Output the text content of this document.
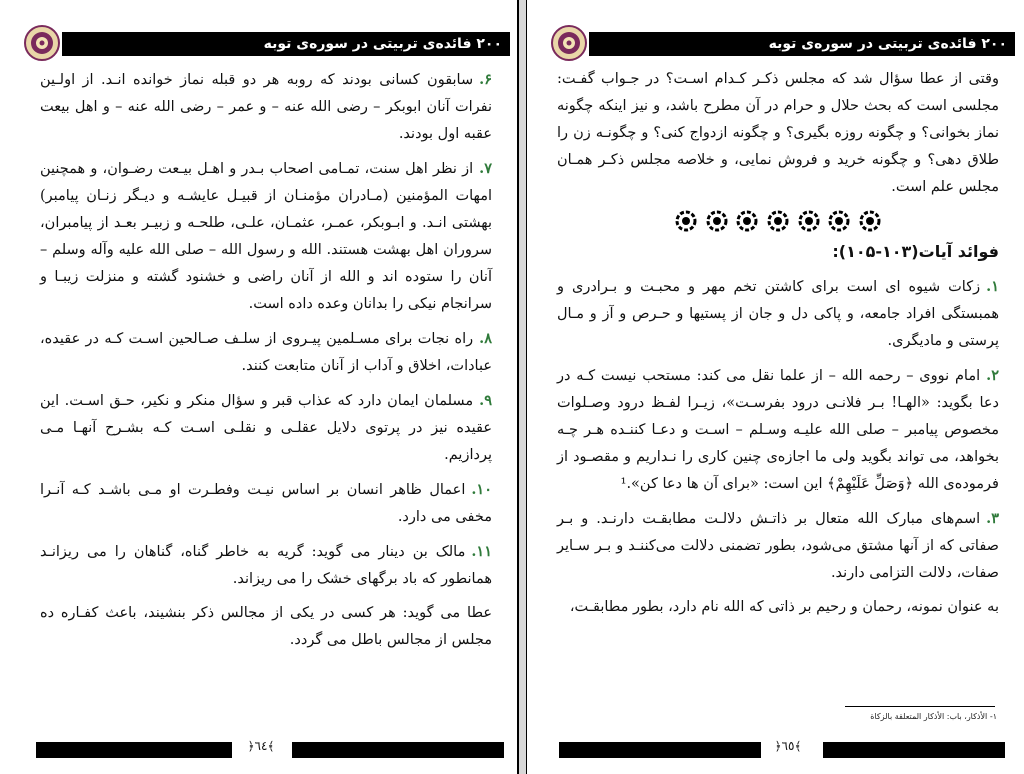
۲۰۰ فائده‌ی تربیتی در سوره‌ی توبه

۶.سابقون کسانی بودند که روبه هر دو قبله نماز خوانده انـد. از اولـین نفرات آنان ابوبکر – رضی الله عنه – و عمر – رضی الله عنه – و اهل بیعت عقبه اول بودند.

۷.از نظر اهل سنت، تمـامی اصحاب بـدر و اهـل بیـعت رضـوان، و همچنین امهات المؤمنین (مـادران مؤمنـان از قبیـل عایشـه و دیـگر زنـان پیامبر) بهشتی انـد. و ابـوبکر، عمـر، عثمـان، علـی، طلحـه و زبیـر بعـد از پیامبران، سروران اهل بهشت هستند. الله و رسول الله – صلی الله علیه وآله وسلم – آنان را ستوده اند و الله از آنان راضی و خشنود گشته و منزلت زیبـا و سرانجام نیکی را بدانان وعده داده است.

۸.راه نجات برای مسـلمین پیـروی از سلـف صـالحین اسـت کـه در عقیده، عبادات، اخلاق و آداب از آنان متابعت کنند.

۹.مسلمان ایمان دارد که عذاب قبر و سؤال منکر و نکیر، حـق اسـت. این عقیده نیز در پرتوی دلایل عقلـی و نقلـی اسـت کـه بشـرح آنهـا مـی پردازیم.

۱۰.اعمال ظاهر انسان بر اساس نیـت وفطـرت او مـی باشـد کـه آنـرا مخفی می دارد.

۱۱.مالک بن دینار می گوید: گریه به خاطر گناه، گناهان را می ریزانـد همانطور که باد برگهای خشک را می ریزاند.

عطا می گوید: هر کسی در یکی از مجالس ذکر بنشیند، باعث کفـاره ده مجلس از مجالس باطل می گردد.

﴿٦٤﴾
۲۰۰ فائده‌ی تربیتی در سوره‌ی توبه

وقتی از عطا سؤال شد که مجلس ذکـر کـدام اسـت؟ در جـواب گفـت: مجلسی است که بحث حلال و حرام در آن مطرح باشد، و نیز اینکه چگونه نماز بخوانی؟ و چگونه روزه بگیری؟ و چگونه ازدواج کنی؟ و چگونـه زن را طلاق دهی؟ و چگونه خرید و فروش نمایی، و خلاصه مجلس ذکـر همـان مجلس علم است.

فوائد آیات(۱۰۳-۱۰۵):

۱.زکات شیوه ای است برای کاشتن تخم مهر و محبـت و بـرادری و همبستگی افراد جامعه، و پاکی دل و جان از پستیها و حـرص و آز و مـال پرستی و مادیگری.

۲.امام نووی – رحمه الله – از علما نقل می کند: مستحب نیست کـه در دعا بگوید: «الهـا! بـر فلانـی درود بفرسـت»، زیـرا لفـظ درود وصـلوات مخصوص پیامبر – صلی الله علیـه وسـلم – اسـت و دعـا کننـده هـر چـه بخواهد، می تواند بگوید ولی ما اجازه‌ی چنین کاری را نـداریم و مقصـود از فرموده‌ی الله ﴿وَصَلِّ عَلَيْهِمْ﴾ این است: «برای آن ها دعا کن».¹

۳.اسم‌های مبارک الله متعال بر ذاتـش دلالـت مطابقـت دارنـد. و بـر صفاتی که از آنها مشتق می‌شود، بطور تضمنی دلالت می‌کننـد و بـر سـایر صفات، دلالت التزامی دارند.

به عنوان نمونه، رحمان و رحیم بر ذاتی که الله نام دارد، بطور مطابقـت،

۱- الأذکار، باب: الأذکار المتعلقة بالزکاة
﴿٦٥﴾
